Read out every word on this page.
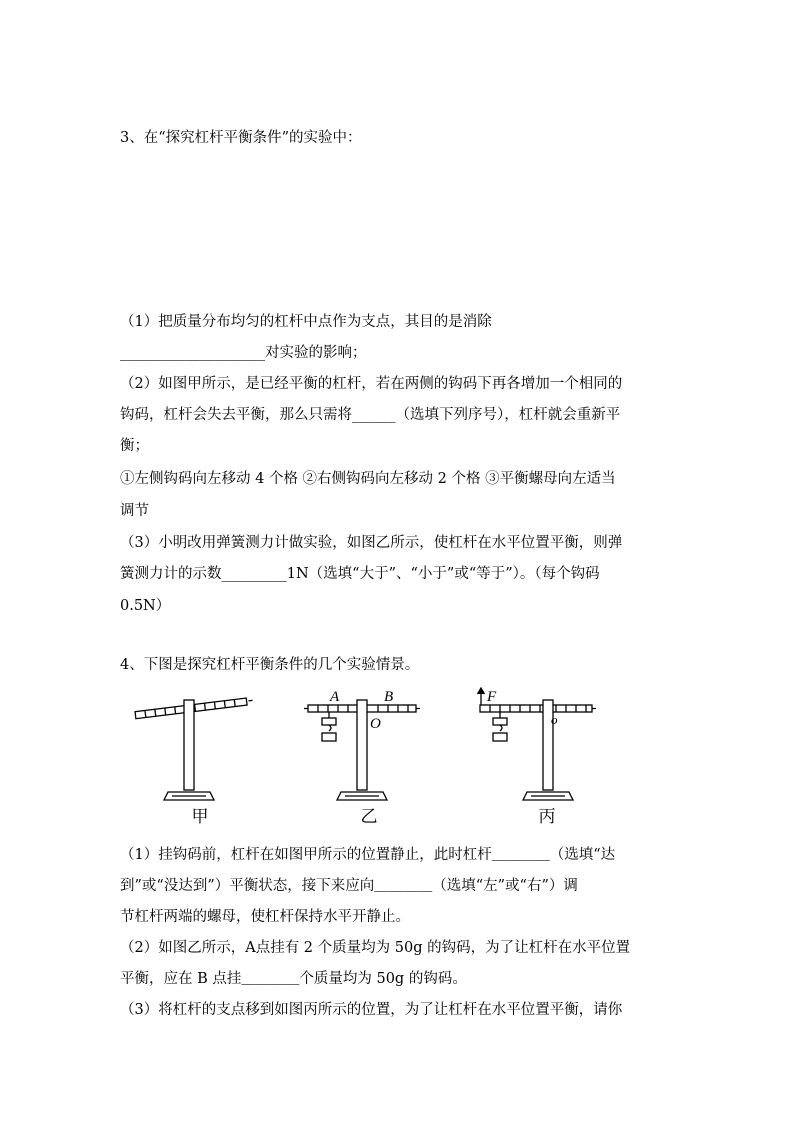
3、在“探究杠杆平衡条件”的实验中：
（1）把质量分布均匀的杠杆中点作为支点，其目的是消除
____________________对实验的影响；
（2）如图甲所示，是已经平衡的杠杆，若在两侧的钩码下再各增加一个相同的
钩码，杠杆会失去平衡，那么只需将______（选填下列序号），杠杆就会重新平
衡；
①左侧钩码向左移动 4 个格 ②右侧钩码向左移动 2 个格 ③平衡螺母向左适当
调节
（3）小明改用弹簧测力计做实验，如图乙所示，使杠杆在水平位置平衡，则弹
簧测力计的示数_________1N（选填“大于”、“小于”或“等于”）。（每个钩码
0.5N）
4、下图是探究杠杆平衡条件的几个实验情景。
A	B
O
F
o
甲	乙	丙
（1）挂钩码前，杠杆在如图甲所示的位置静止，此时杠杆＿＿＿＿（选填“达
到”或“没达到”）平衡状态，接下来应向＿＿＿＿（选填“左”或“右”）调
节杠杆两端的螺母，使杠杆保持水平开静止。
（2）如图乙所示，A点挂有 2 个质量均为 50g 的钩码，为了让杠杆在水平位置
平衡，应在 B 点挂＿＿＿＿个质量均为 50g 的钩码。
（3）将杠杆的支点移到如图丙所示的位置，为了让杠杆在水平位置平衡，请你
